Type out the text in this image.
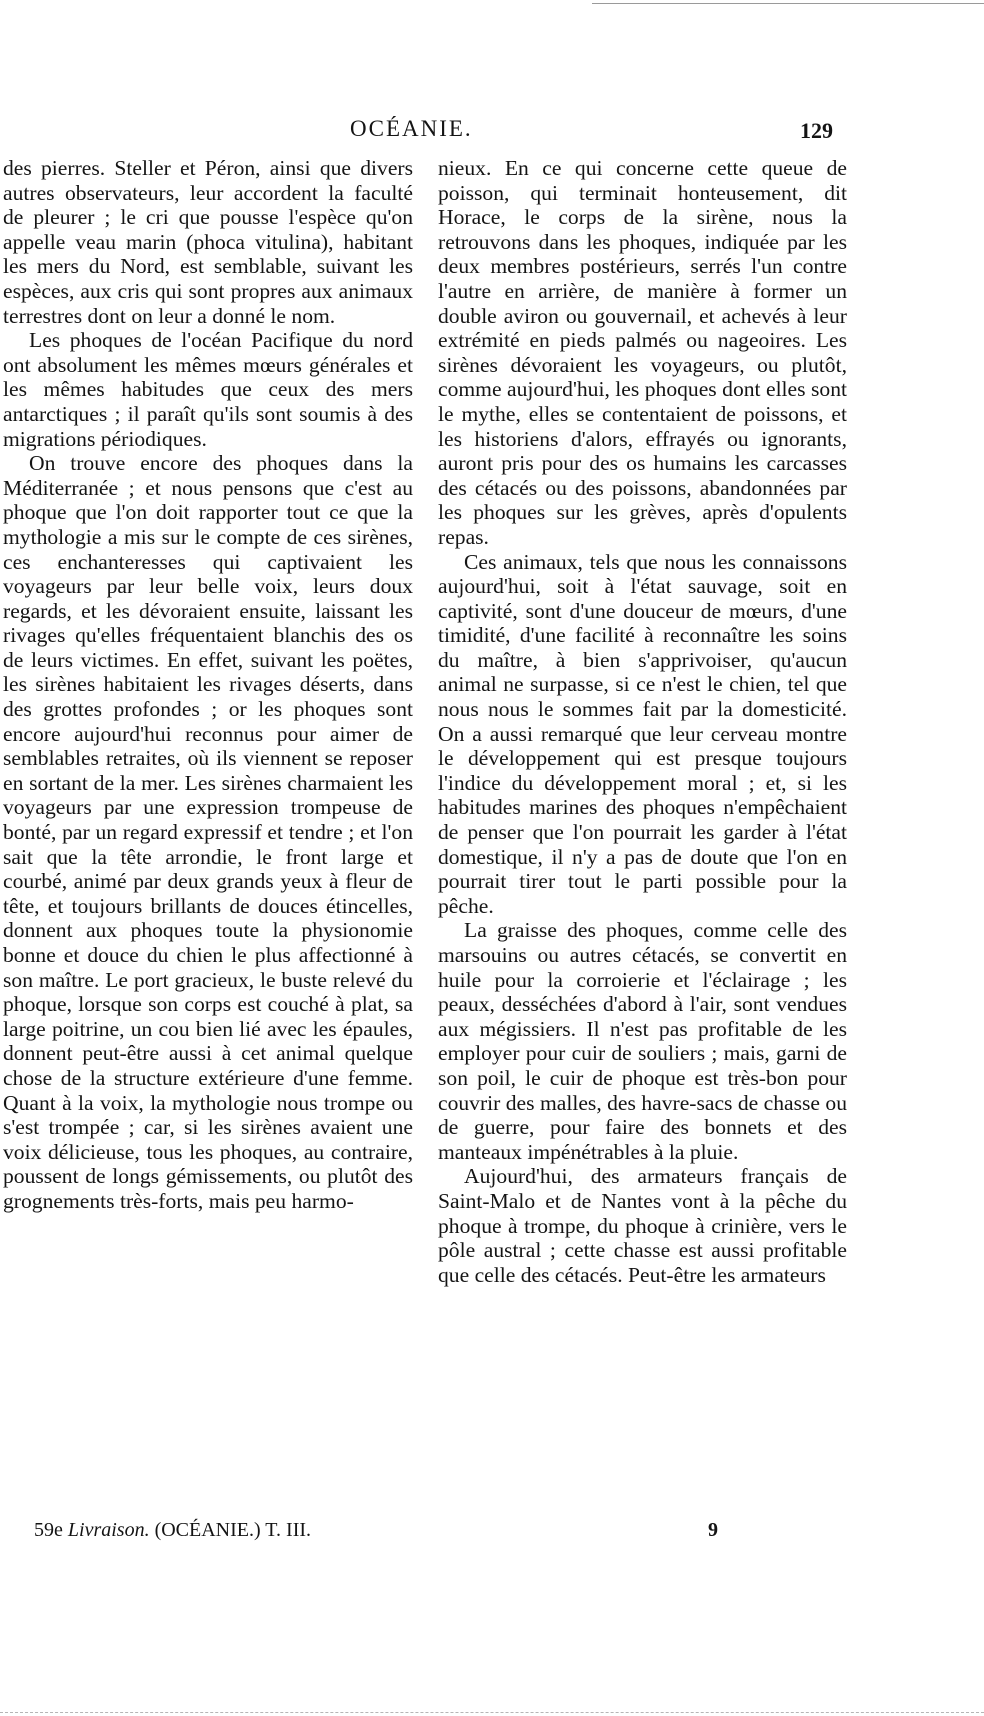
OCÉANIE.	129

des pierres. Steller et Péron, ainsi que divers autres observateurs, leur accordent la faculté de pleurer ; le cri que pousse l'espèce qu'on appelle veau marin (phoca vitulina), habitant les mers du Nord, est semblable, suivant les espèces, aux cris qui sont propres aux animaux terrestres dont on leur a donné le nom.

Les phoques de l'océan Pacifique du nord ont absolument les mêmes mœurs générales et les mêmes habitudes que ceux des mers antarctiques ; il paraît qu'ils sont soumis à des migrations périodiques.

On trouve encore des phoques dans la Méditerranée ; et nous pensons que c'est au phoque que l'on doit rapporter tout ce que la mythologie a mis sur le compte de ces sirènes, ces enchanteresses qui captivaient les voyageurs par leur belle voix, leurs doux regards, et les dévoraient ensuite, laissant les rivages qu'elles fréquentaient blanchis des os de leurs victimes. En effet, suivant les poëtes, les sirènes habitaient les rivages déserts, dans des grottes profondes ; or les phoques sont encore aujourd'hui reconnus pour aimer de semblables retraites, où ils viennent se reposer en sortant de la mer. Les sirènes charmaient les voyageurs par une expression trompeuse de bonté, par un regard expressif et tendre ; et l'on sait que la tête arrondie, le front large et courbé, animé par deux grands yeux à fleur de tête, et toujours brillants de douces étincelles, donnent aux phoques toute la physionomie bonne et douce du chien le plus affectionné à son maître. Le port gracieux, le buste relevé du phoque, lorsque son corps est couché à plat, sa large poitrine, un cou bien lié avec les épaules, donnent peut-être aussi à cet animal quelque chose de la structure extérieure d'une femme. Quant à la voix, la mythologie nous trompe ou s'est trompée ; car, si les sirènes avaient une voix délicieuse, tous les phoques, au contraire, poussent de longs gémissements, ou plutôt des grognements très-forts, mais peu harmo-

nieux. En ce qui concerne cette queue de poisson, qui terminait honteusement, dit Horace, le corps de la sirène, nous la retrouvons dans les phoques, indiquée par les deux membres postérieurs, serrés l'un contre l'autre en arrière, de manière à former un double aviron ou gouvernail, et achevés à leur extrémité en pieds palmés ou nageoires. Les sirènes dévoraient les voyageurs, ou plutôt, comme aujourd'hui, les phoques dont elles sont le mythe, elles se contentaient de poissons, et les historiens d'alors, effrayés ou ignorants, auront pris pour des os humains les carcasses des cétacés ou des poissons, abandonnées par les phoques sur les grèves, après d'opulents repas.

Ces animaux, tels que nous les connaissons aujourd'hui, soit à l'état sauvage, soit en captivité, sont d'une douceur de mœurs, d'une timidité, d'une facilité à reconnaître les soins du maître, à bien s'apprivoiser, qu'aucun animal ne surpasse, si ce n'est le chien, tel que nous nous le sommes fait par la domesticité. On a aussi remarqué que leur cerveau montre le développement qui est presque toujours l'indice du développement moral ; et, si les habitudes marines des phoques n'empêchaient de penser que l'on pourrait les garder à l'état domestique, il n'y a pas de doute que l'on en pourrait tirer tout le parti possible pour la pêche.

La graisse des phoques, comme celle des marsouins ou autres cétacés, se convertit en huile pour la corroierie et l'éclairage ; les peaux, desséchées d'abord à l'air, sont vendues aux mégissiers. Il n'est pas profitable de les employer pour cuir de souliers ; mais, garni de son poil, le cuir de phoque est très-bon pour couvrir des malles, des havre-sacs de chasse ou de guerre, pour faire des bonnets et des manteaux impénétrables à la pluie.

Aujourd'hui, des armateurs français de Saint-Malo et de Nantes vont à la pêche du phoque à trompe, du phoque à crinière, vers le pôle austral ; cette chasse est aussi profitable que celle des cétacés. Peut-être les armateurs

59e Livraison. (OCÉANIE.) T. III.	9
